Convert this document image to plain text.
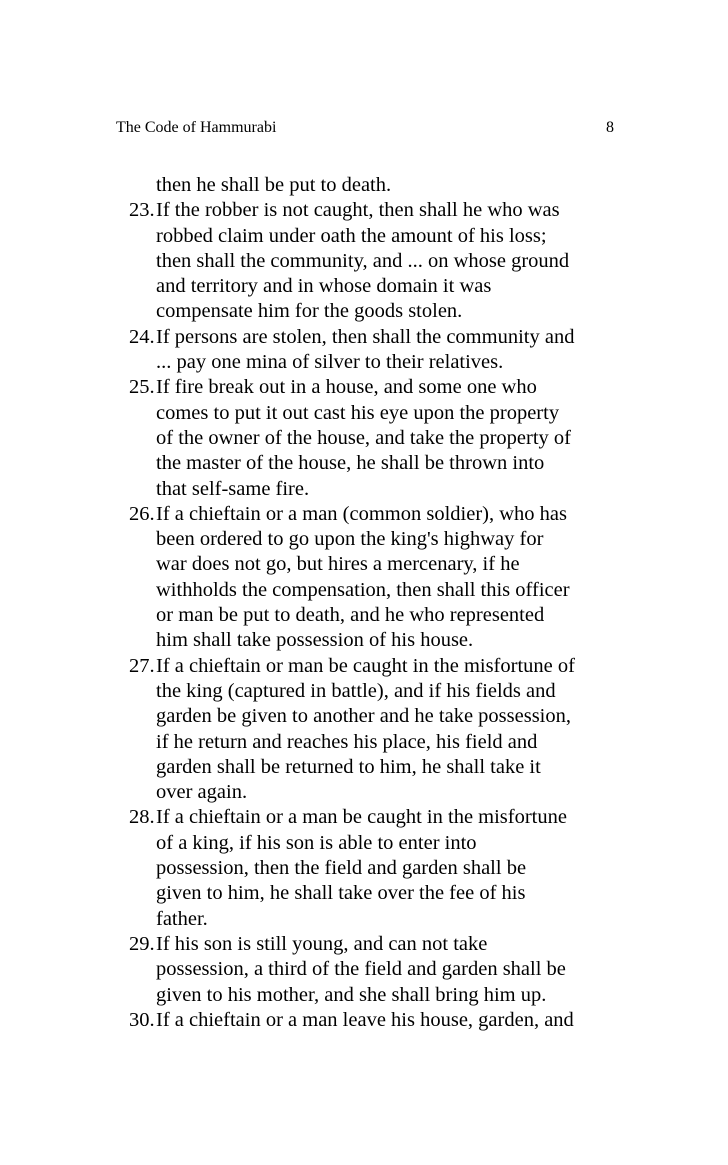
The Code of Hammurabi	8
then he shall be put to death.
23. If the robber is not caught, then shall he who was
robbed claim under oath the amount of his loss;
then shall the community, and ... on whose ground
and territory and in whose domain it was
compensate him for the goods stolen.
24. If persons are stolen, then shall the community and
... pay one mina of silver to their relatives.
25. If fire break out in a house, and some one who
comes to put it out cast his eye upon the property
of the owner of the house, and take the property of
the master of the house, he shall be thrown into
that self-same fire.
26. If a chieftain or a man (common soldier), who has
been ordered to go upon the king's highway for
war does not go, but hires a mercenary, if he
withholds the compensation, then shall this officer
or man be put to death, and he who represented
him shall take possession of his house.
27. If a chieftain or man be caught in the misfortune of
the king (captured in battle), and if his fields and
garden be given to another and he take possession,
if he return and reaches his place, his field and
garden shall be returned to him, he shall take it
over again.
28. If a chieftain or a man be caught in the misfortune
of a king, if his son is able to enter into
possession, then the field and garden shall be
given to him, he shall take over the fee of his
father.
29. If his son is still young, and can not take
possession, a third of the field and garden shall be
given to his mother, and she shall bring him up.
30. If a chieftain or a man leave his house, garden, and
